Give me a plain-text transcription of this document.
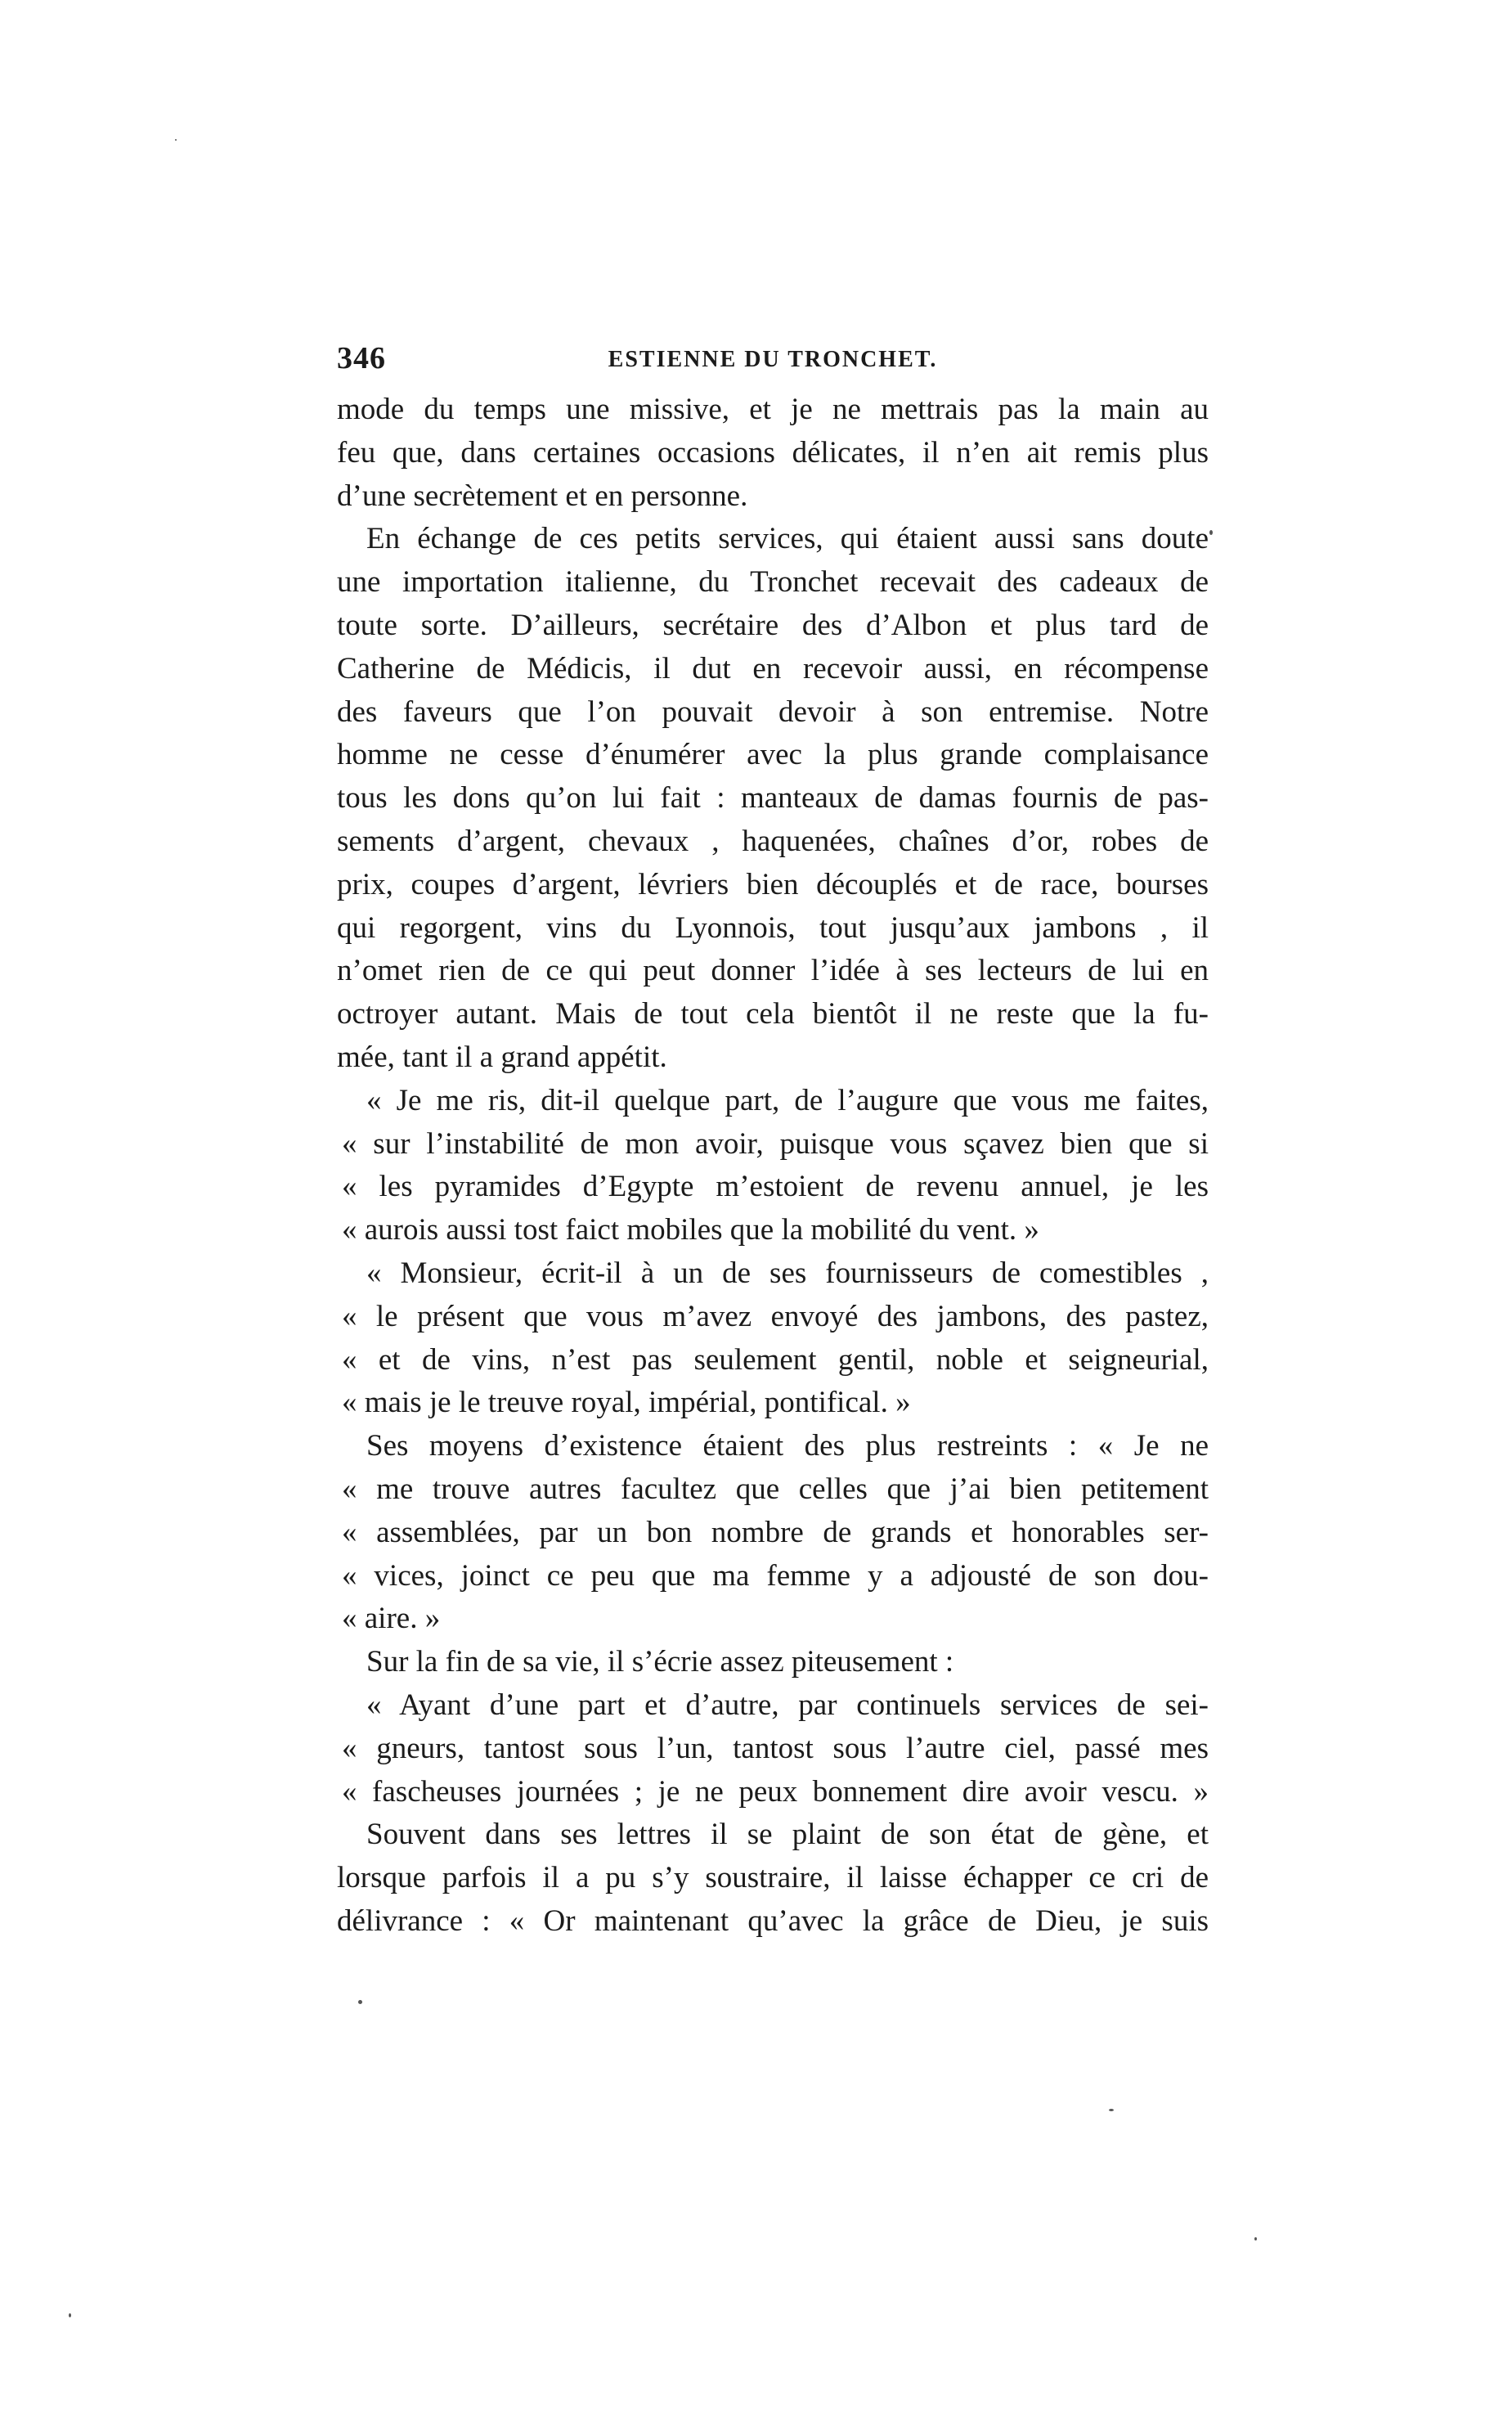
346	ESTIENNE DU TRONCHET.
mode du temps une missive, et je ne mettrais pas la main au
feu que, dans certaines occasions délicates, il n’en ait remis plus
d’une secrètement et en personne.
En échange de ces petits services, qui étaient aussi sans doute
une importation italienne, du Tronchet recevait des cadeaux de
toute sorte. D’ailleurs, secrétaire des d’Albon et plus tard de
Catherine de Médicis, il dut en recevoir aussi, en récompense
des faveurs que l’on pouvait devoir à son entremise. Notre
homme ne cesse d’énumérer avec la plus grande complaisance
tous les dons qu’on lui fait : manteaux de damas fournis de pas-
sements d’argent, chevaux , haquenées, chaînes d’or, robes de
prix, coupes d’argent, lévriers bien découplés et de race, bourses
qui regorgent, vins du Lyonnois, tout jusqu’aux jambons , il
n’omet rien de ce qui peut donner l’idée à ses lecteurs de lui en
octroyer autant. Mais de tout cela bientôt il ne reste que la fu-
mée, tant il a grand appétit.
« Je me ris, dit-il quelque part, de l’augure que vous me faites,
« sur l’instabilité de mon avoir, puisque vous sçavez bien que si
« les pyramides d’Egypte m’estoient de revenu annuel, je les
« aurois aussi tost faict mobiles que la mobilité du vent. »
« Monsieur, écrit-il à un de ses fournisseurs de comestibles ,
« le présent que vous m’avez envoyé des jambons, des pastez,
« et de vins, n’est pas seulement gentil, noble et seigneurial,
« mais je le treuve royal, impérial, pontifical. »
Ses moyens d’existence étaient des plus restreints : « Je ne
« me trouve autres facultez que celles que j’ai bien petitement
« assemblées, par un bon nombre de grands et honorables ser-
« vices, joinct ce peu que ma femme y a adjousté de son dou-
« aire. »
Sur la fin de sa vie, il s’écrie assez piteusement :
« Ayant d’une part et d’autre, par continuels services de sei-
« gneurs, tantost sous l’un, tantost sous l’autre ciel, passé mes
« fascheuses journées ; je ne peux bonnement dire avoir vescu. »
Souvent dans ses lettres il se plaint de son état de gène, et
lorsque parfois il a pu s’y soustraire, il laisse échapper ce cri de
délivrance : « Or maintenant qu’avec la grâce de Dieu, je suis
